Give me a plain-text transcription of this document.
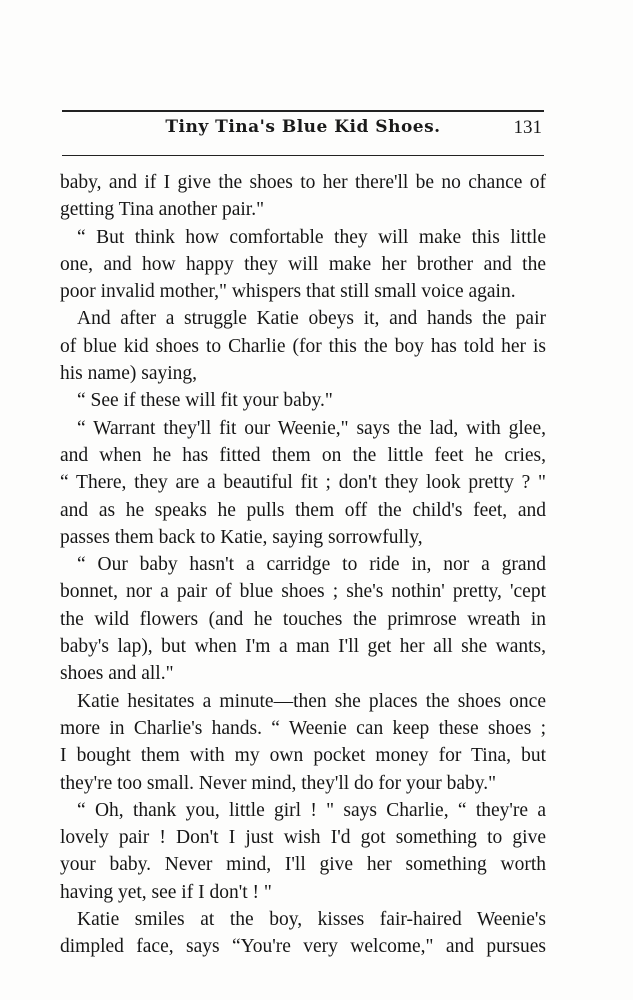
Tiny Tina's Blue Kid Shoes.	131
baby, and if I give the shoes to her there'll be no chance of
getting Tina another pair."
“ But think how comfortable they will make this little
one, and how happy they will make her brother and the
poor invalid mother," whispers that still small voice again.
And after a struggle Katie obeys it, and hands the pair
of blue kid shoes to Charlie (for this the boy has told her is
his name) saying,
“ See if these will fit your baby."
“ Warrant they'll fit our Weenie," says the lad, with glee,
and when he has fitted them on the little feet he cries,
“ There, they are a beautiful fit ; don't they look pretty ? "
and as he speaks he pulls them off the child's feet, and
passes them back to Katie, saying sorrowfully,
“ Our baby hasn't a carridge to ride in, nor a grand
bonnet, nor a pair of blue shoes ; she's nothin' pretty, 'cept
the wild flowers (and he touches the primrose wreath in
baby's lap), but when I'm a man I'll get her all she wants,
shoes and all."
Katie hesitates a minute—then she places the shoes once
more in Charlie's hands. “ Weenie can keep these shoes ;
I bought them with my own pocket money for Tina, but
they're too small. Never mind, they'll do for your baby."
“ Oh, thank you, little girl ! " says Charlie, “ they're a
lovely pair ! Don't I just wish I'd got something to give
your baby. Never mind, I'll give her something worth
having yet, see if I don't ! "
Katie smiles at the boy, kisses fair-haired Weenie's
dimpled face, says “You're very welcome," and pursues
